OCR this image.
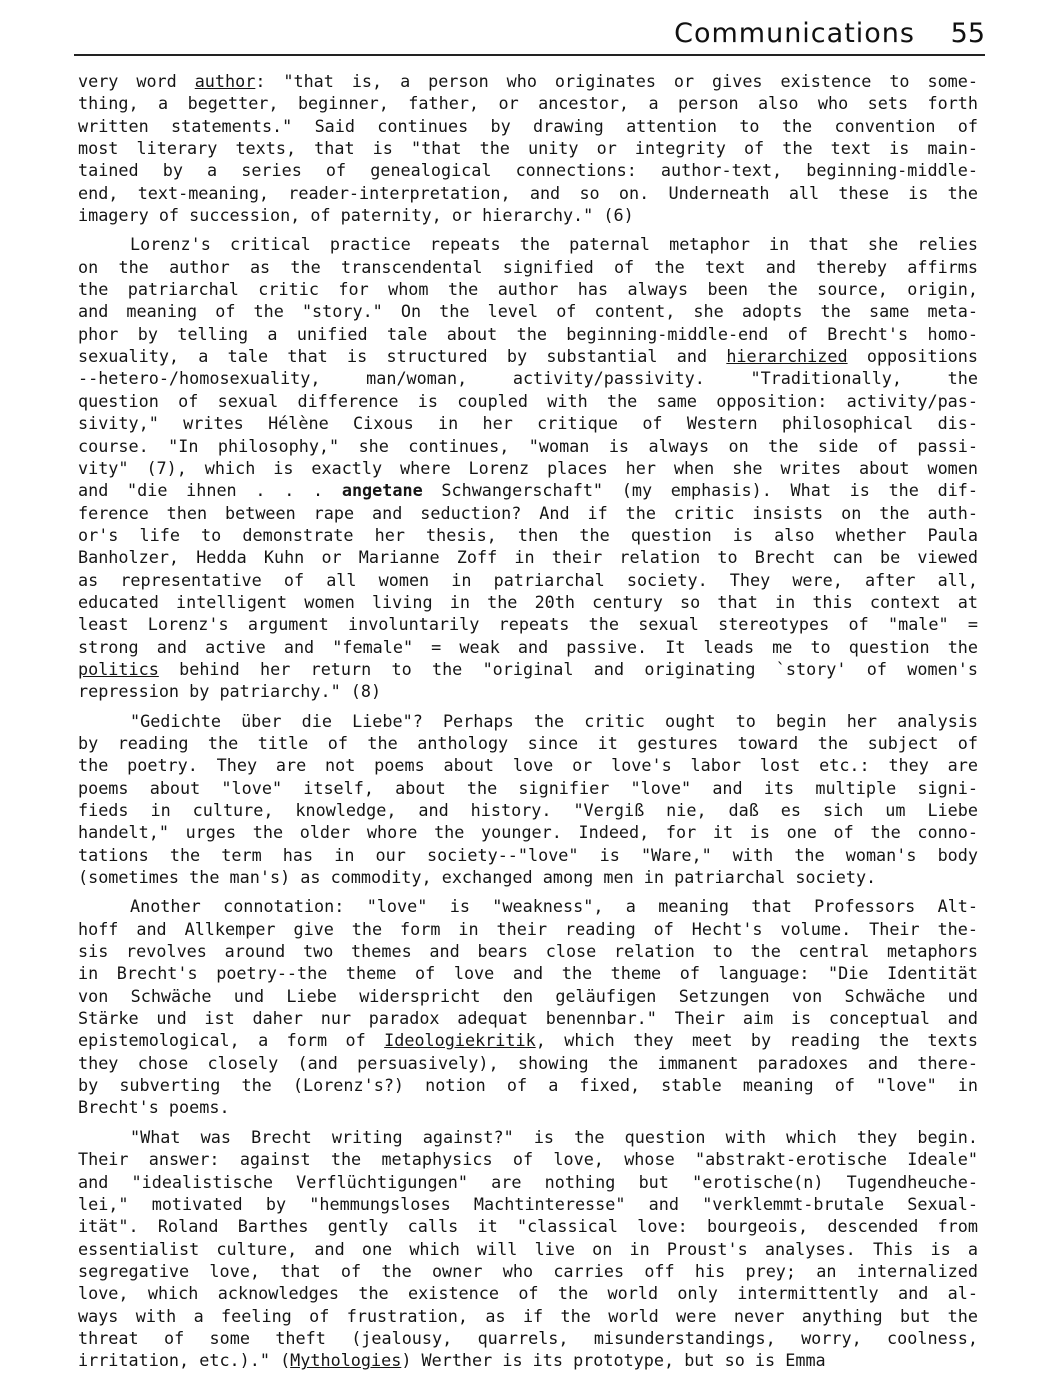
Communications 55
very word author: "that is, a person who originates or gives existence to some-
thing, a begetter, beginner, father, or ancestor, a person also who sets forth
written statements." Said continues by drawing attention to the convention of
most literary texts, that is "that the unity or integrity of the text is main-
tained by a series of genealogical connections: author-text, beginning-middle-
end, text-meaning, reader-interpretation, and so on. Underneath all these is the
imagery of succession, of paternity, or hierarchy." (6)
Lorenz's critical practice repeats the paternal metaphor in that she relies
on the author as the transcendental signified of the text and thereby affirms
the patriarchal critic for whom the author has always been the source, origin,
and meaning of the "story." On the level of content, she adopts the same meta-
phor by telling a unified tale about the beginning-middle-end of Brecht's homo-
sexuality, a tale that is structured by substantial and hierarchized oppositions
--hetero-/homosexuality, man/woman, activity/passivity. "Traditionally, the
question of sexual difference is coupled with the same opposition: activity/pas-
sivity," writes Hélène Cixous in her critique of Western philosophical dis-
course. "In philosophy," she continues, "woman is always on the side of passi-
vity" (7), which is exactly where Lorenz places her when she writes about women
and "die ihnen . . . angetane Schwangerschaft" (my emphasis). What is the dif-
ference then between rape and seduction? And if the critic insists on the auth-
or's life to demonstrate her thesis, then the question is also whether Paula
Banholzer, Hedda Kuhn or Marianne Zoff in their relation to Brecht can be viewed
as representative of all women in patriarchal society. They were, after all,
educated intelligent women living in the 20th century so that in this context at
least Lorenz's argument involuntarily repeats the sexual stereotypes of "male" =
strong and active and "female" = weak and passive. It leads me to question the
politics behind her return to the "original and originating `story' of women's
repression by patriarchy." (8)
"Gedichte über die Liebe"? Perhaps the critic ought to begin her analysis
by reading the title of the anthology since it gestures toward the subject of
the poetry. They are not poems about love or love's labor lost etc.: they are
poems about "love" itself, about the signifier "love" and its multiple signi-
fieds in culture, knowledge, and history. "Vergiß nie, daß es sich um Liebe
handelt," urges the older whore the younger. Indeed, for it is one of the conno-
tations the term has in our society--"love" is "Ware," with the woman's body
(sometimes the man's) as commodity, exchanged among men in patriarchal society.
Another connotation: "love" is "weakness", a meaning that Professors Alt-
hoff and Allkemper give the form in their reading of Hecht's volume. Their the-
sis revolves around two themes and bears close relation to the central metaphors
in Brecht's poetry--the theme of love and the theme of language: "Die Identität
von Schwäche und Liebe widerspricht den geläufigen Setzungen von Schwäche und
Stärke und ist daher nur paradox adequat benennbar." Their aim is conceptual and
epistemological, a form of Ideologiekritik, which they meet by reading the texts
they chose closely (and persuasively), showing the immanent paradoxes and there-
by subverting the (Lorenz's?) notion of a fixed, stable meaning of "love" in
Brecht's poems.
"What was Brecht writing against?" is the question with which they begin.
Their answer: against the metaphysics of love, whose "abstrakt-erotische Ideale"
and "idealistische Verflüchtigungen" are nothing but "erotische(n) Tugendheuche-
lei," motivated by "hemmungsloses Machtinteresse" and "verklemmt-brutale Sexual-
ität". Roland Barthes gently calls it "classical love: bourgeois, descended from
essentialist culture, and one which will live on in Proust's analyses. This is a
segregative love, that of the owner who carries off his prey; an internalized
love, which acknowledges the existence of the world only intermittently and al-
ways with a feeling of frustration, as if the world were never anything but the
threat of some theft (jealousy, quarrels, misunderstandings, worry, coolness,
irritation, etc.)." (Mythologies) Werther is its prototype, but so is Emma
